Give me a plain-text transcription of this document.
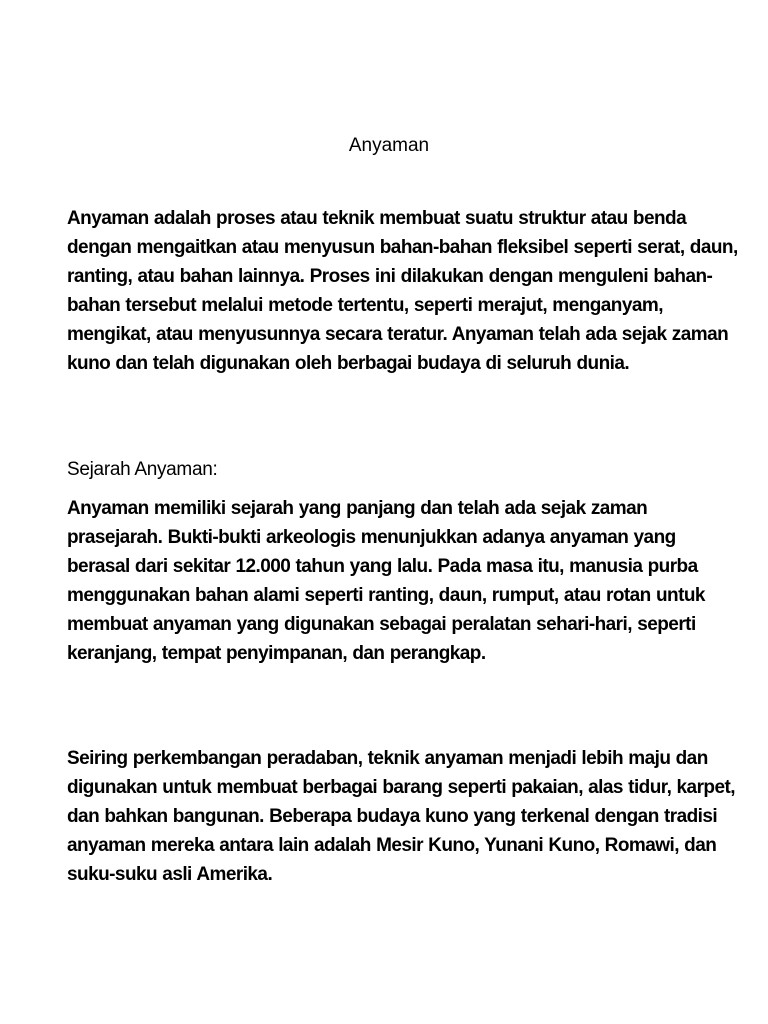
Anyaman

Anyaman adalah proses atau teknik membuat suatu struktur atau benda dengan mengaitkan atau menyusun bahan-bahan fleksibel seperti serat, daun, ranting, atau bahan lainnya. Proses ini dilakukan dengan menguleni bahan-bahan tersebut melalui metode tertentu, seperti merajut, menganyam, mengikat, atau menyusunnya secara teratur. Anyaman telah ada sejak zaman kuno dan telah digunakan oleh berbagai budaya di seluruh dunia.

Sejarah Anyaman:

Anyaman memiliki sejarah yang panjang dan telah ada sejak zaman prasejarah. Bukti-bukti arkeologis menunjukkan adanya anyaman yang berasal dari sekitar 12.000 tahun yang lalu. Pada masa itu, manusia purba menggunakan bahan alami seperti ranting, daun, rumput, atau rotan untuk membuat anyaman yang digunakan sebagai peralatan sehari-hari, seperti keranjang, tempat penyimpanan, dan perangkap.

Seiring perkembangan peradaban, teknik anyaman menjadi lebih maju dan digunakan untuk membuat berbagai barang seperti pakaian, alas tidur, karpet, dan bahkan bangunan. Beberapa budaya kuno yang terkenal dengan tradisi anyaman mereka antara lain adalah Mesir Kuno, Yunani Kuno, Romawi, dan suku-suku asli Amerika.
